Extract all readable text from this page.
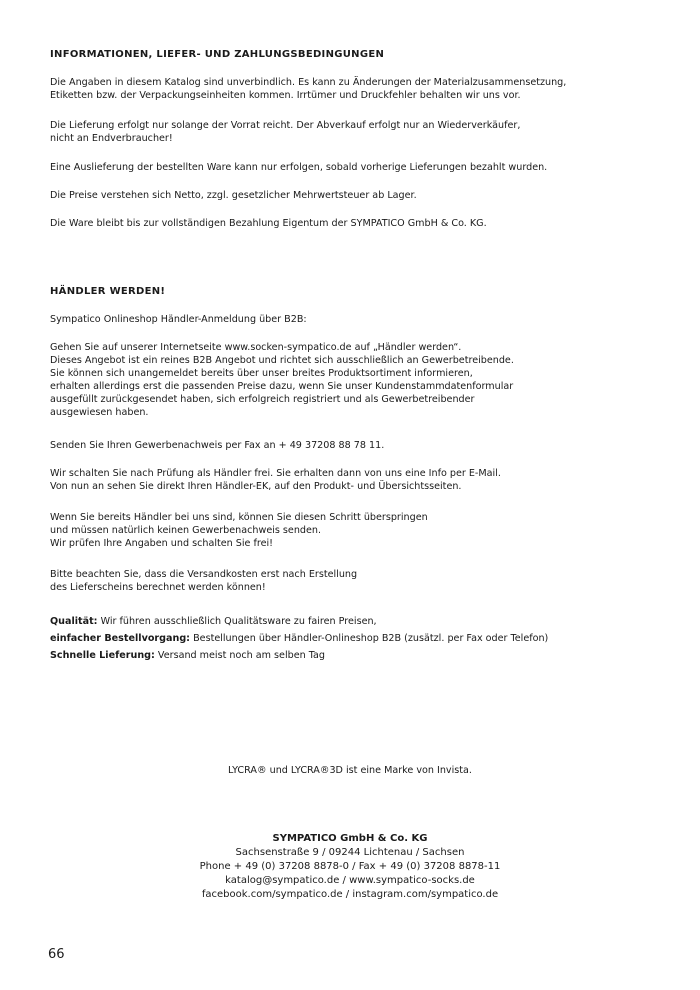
INFORMATIONEN, LIEFER- UND ZAHLUNGSBEDINGUNGEN

Die Angaben in diesem Katalog sind unverbindlich. Es kann zu Änderungen der Materialzusammensetzung,

Etiketten bzw. der Verpackungseinheiten kommen. Irrtümer und Druckfehler behalten wir uns vor.

Die Lieferung erfolgt nur solange der Vorrat reicht. Der Abverkauf erfolgt nur an Wiederverkäufer,

nicht an Endverbraucher!

Eine Auslieferung der bestellten Ware kann nur erfolgen, sobald vorherige Lieferungen bezahlt wurden.

Die Preise verstehen sich Netto, zzgl. gesetzlicher Mehrwertsteuer ab Lager.

Die Ware bleibt bis zur vollständigen Bezahlung Eigentum der SYMPATICO GmbH & Co. KG.

HÄNDLER WERDEN!

Sympatico Onlineshop Händler-Anmeldung über B2B:

Gehen Sie auf unserer Internetseite www.socken-sympatico.de auf „Händler werden“.

Dieses Angebot ist ein reines B2B Angebot und richtet sich ausschließlich an Gewerbetreibende.

Sie können sich unangemeldet bereits über unser breites Produktsortiment informieren,

erhalten allerdings erst die passenden Preise dazu, wenn Sie unser Kundenstammdatenformular

ausgefüllt zurückgesendet haben, sich erfolgreich registriert und als Gewerbetreibender

ausgewiesen haben.

Senden Sie Ihren Gewerbenachweis per Fax an + 49 37208 88 78 11.

Wir schalten Sie nach Prüfung als Händler frei. Sie erhalten dann von uns eine Info per E-Mail.

Von nun an sehen Sie direkt Ihren Händler-EK, auf den Produkt- und Übersichtsseiten.

Wenn Sie bereits Händler bei uns sind, können Sie diesen Schritt überspringen

und müssen natürlich keinen Gewerbenachweis senden.

Wir prüfen Ihre Angaben und schalten Sie frei!

Bitte beachten Sie, dass die Versandkosten erst nach Erstellung

des Lieferscheins berechnet werden können!

Qualität: Wir führen ausschließlich Qualitätsware zu fairen Preisen,

einfacher Bestellvorgang: Bestellungen über Händler-Onlineshop B2B (zusätzl. per Fax oder Telefon)

Schnelle Lieferung: Versand meist noch am selben Tag

LYCRA® und LYCRA®3D ist eine Marke von Invista.

SYMPATICO GmbH & Co. KG

Sachsenstraße 9 / 09244 Lichtenau / Sachsen

Phone + 49 (0) 37208 8878-0 / Fax + 49 (0) 37208 8878-11

katalog@sympatico.de / www.sympatico-socks.de

facebook.com/sympatico.de / instagram.com/sympatico.de

66
